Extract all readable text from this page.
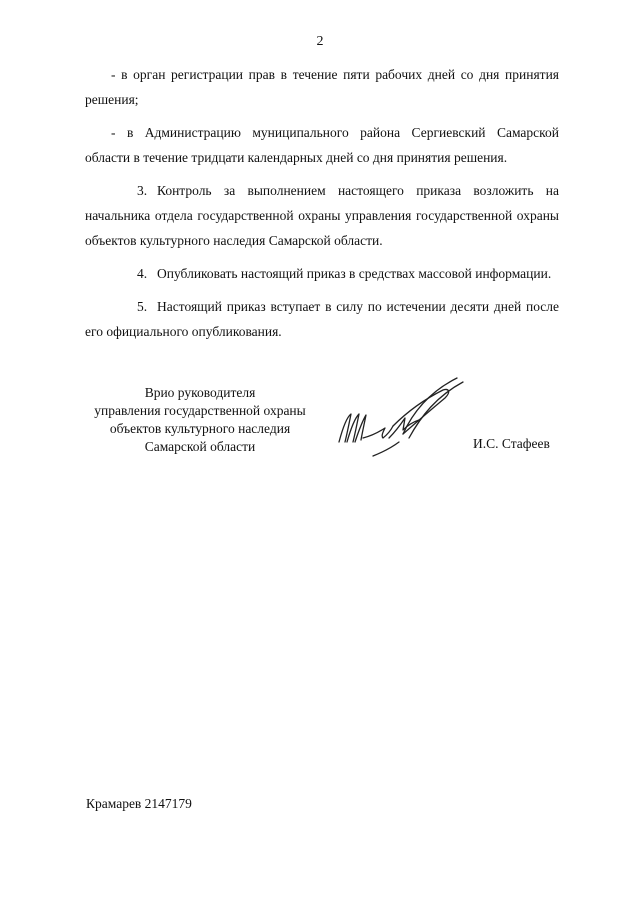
2

- в орган регистрации прав в течение пяти рабочих дней со дня принятия решения;

- в Администрацию муниципального района Сергиевский Самарской области в течение тридцати календарных дней со дня принятия решения.

3. Контроль за выполнением настоящего приказа возложить на начальника отдела государственной охраны управления государственной охраны объектов культурного наследия Самарской области.

4. Опубликовать настоящий приказ в средствах массовой информации.

5. Настоящий приказ вступает в силу по истечении десяти дней после его официального опубликования.

Врио руководителя
управления государственной охраны
объектов культурного наследия
Самарской области	И.С. Стафеев
Крамарев 2147179
